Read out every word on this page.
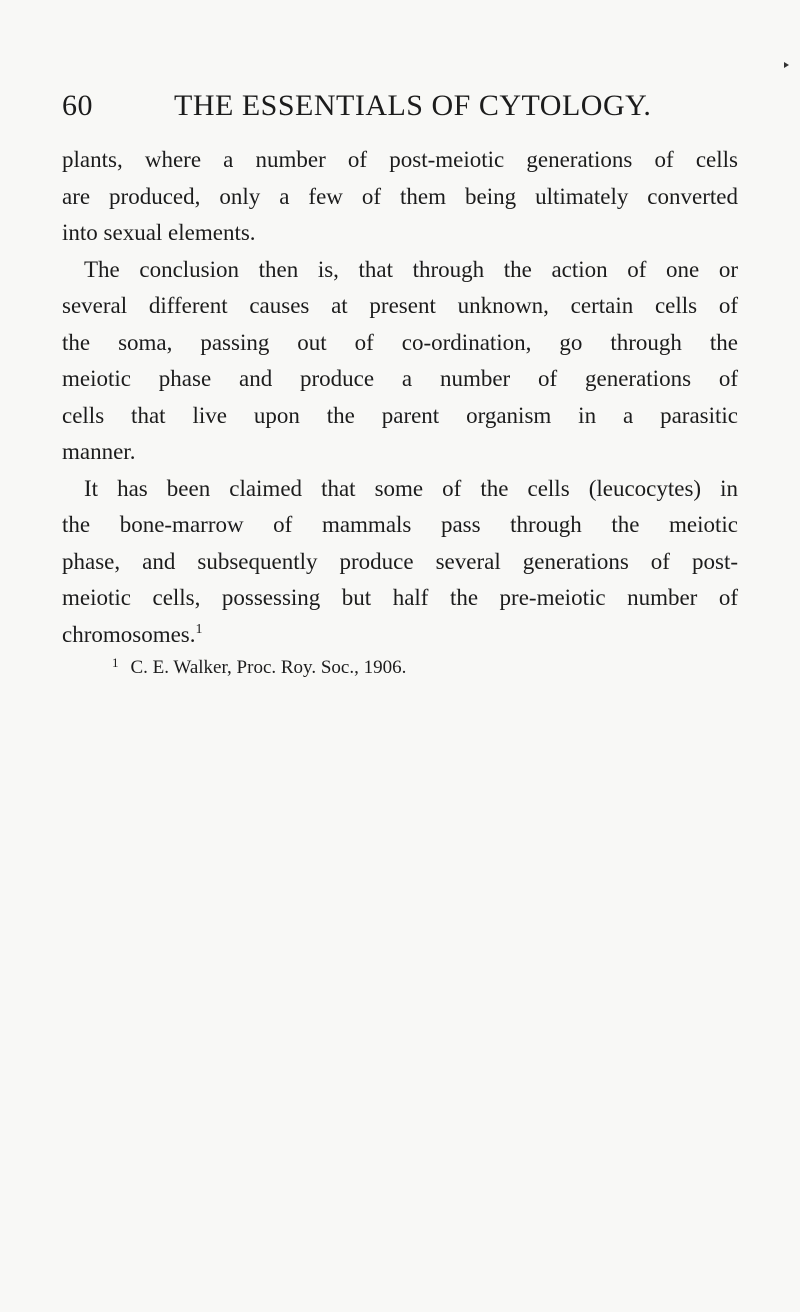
60	THE ESSENTIALS OF CYTOLOGY.
plants, where a number of post-meiotic generations of cells
are produced, only a few of them being ultimately converted
into sexual elements.
The conclusion then is, that through the action of one or
several different causes at present unknown, certain cells of
the soma, passing out of co-ordination, go through the
meiotic phase and produce a number of generations of
cells that live upon the parent organism in a parasitic
manner.
It has been claimed that some of the cells (leucocytes) in
the bone-marrow of mammals pass through the meiotic
phase, and subsequently produce several generations of post-
meiotic cells, possessing but half the pre-meiotic number of
chromosomes.$^1$
$^1$ C. E. Walker, Proc. Roy. Soc., 1906.
